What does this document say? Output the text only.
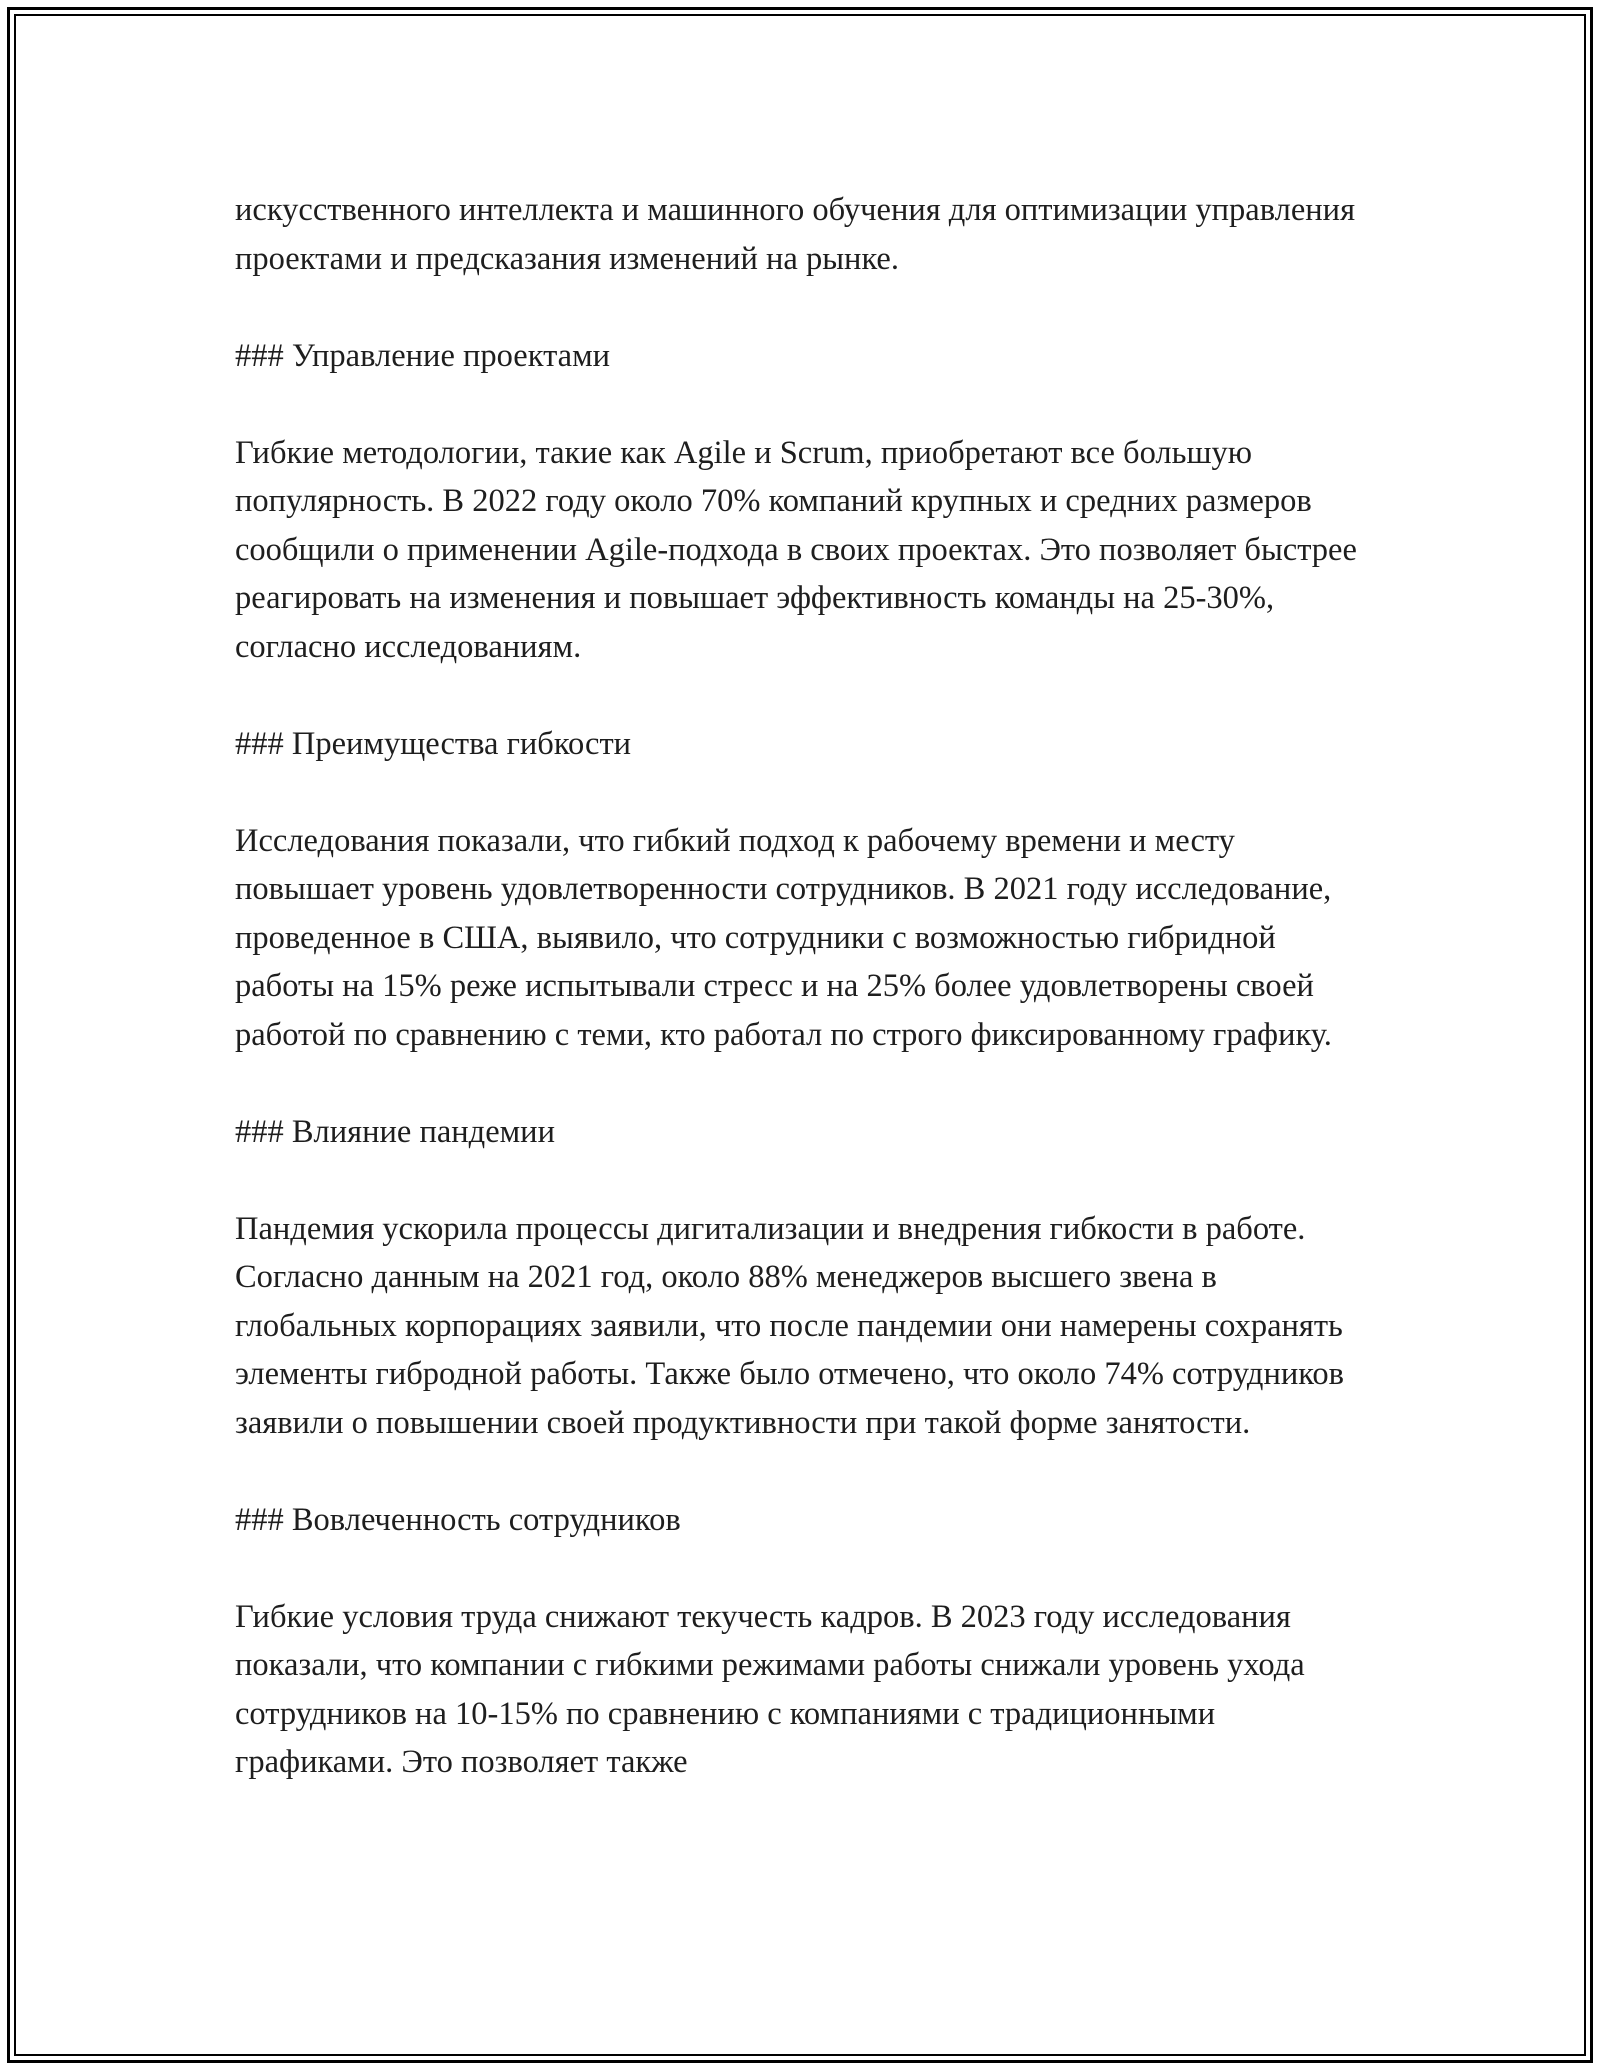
искусственного интеллекта и машинного обучения для оптимизации управления проектами и предсказания изменений на рынке.

### Управление проектами

Гибкие методологии, такие как Agile и Scrum, приобретают все большую популярность. В 2022 году около 70% компаний крупных и средних размеров сообщили о применении Agile-подхода в своих проектах. Это позволяет быстрее реагировать на изменения и повышает эффективность команды на 25-30%, согласно исследованиям.

### Преимущества гибкости

Исследования показали, что гибкий подход к рабочему времени и месту повышает уровень удовлетворенности сотрудников. В 2021 году исследование, проведенное в США, выявило, что сотрудники с возможностью гибридной работы на 15% реже испытывали стресс и на 25% более удовлетворены своей работой по сравнению с теми, кто работал по строго фиксированному графику.

### Влияние пандемии

Пандемия ускорила процессы дигитализации и внедрения гибкости в работе. Согласно данным на 2021 год, около 88% менеджеров высшего звена в глобальных корпорациях заявили, что после пандемии они намерены сохранять элементы гибродной работы. Также было отмечено, что около 74% сотрудников заявили о повышении своей продуктивности при такой форме занятости.

### Вовлеченность сотрудников

Гибкие условия труда снижают текучесть кадров. В 2023 году исследования показали, что компании с гибкими режимами работы снижали уровень ухода сотрудников на 10-15% по сравнению с компаниями с традиционными графиками. Это позволяет также
